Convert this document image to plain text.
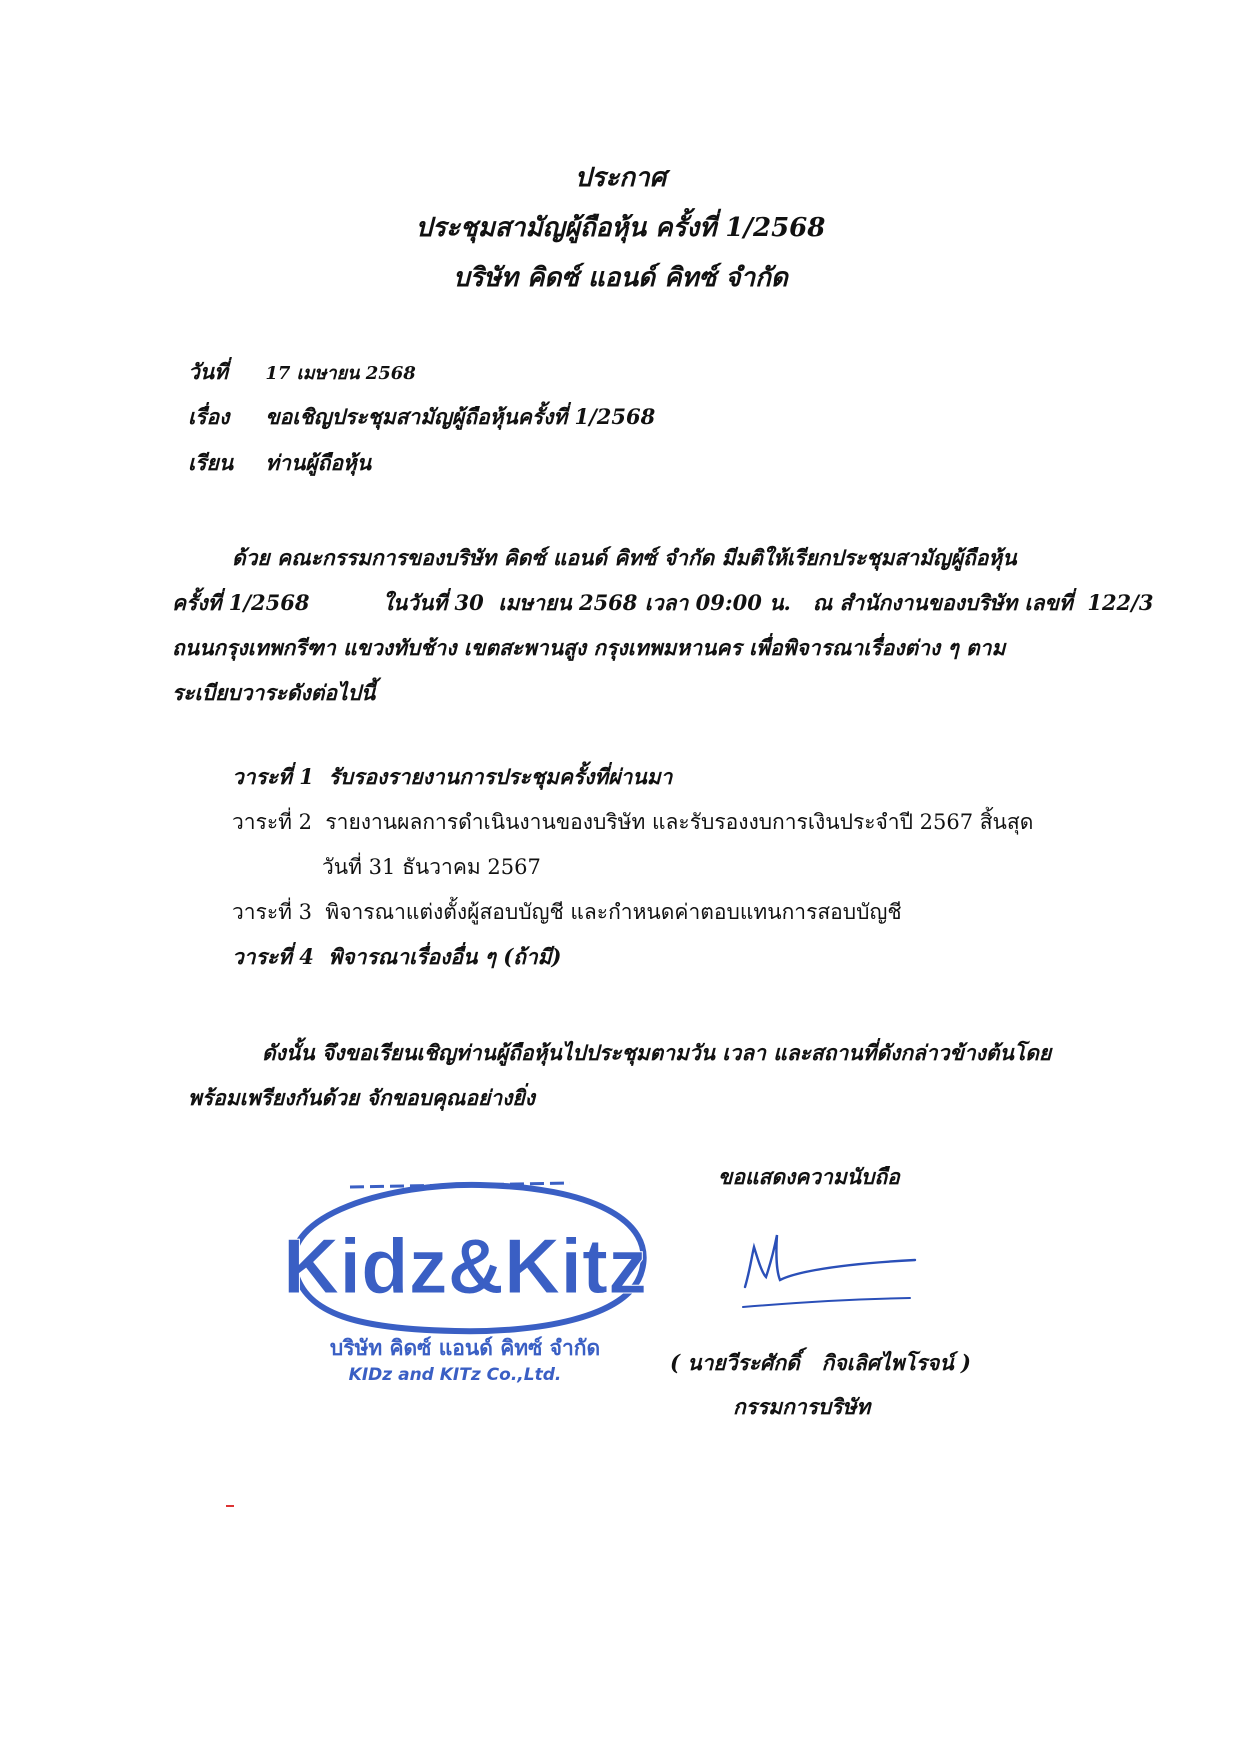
ประกาศ
ประชุมสามัญผู้ถือหุ้น ครั้งที่ 1/2568
บริษัท คิดซ์ แอนด์ คิทซ์ จำกัด
วันที่ 17 เมษายน 2568
เรื่อง ขอเชิญประชุมสามัญผู้ถือหุ้นครั้งที่ 1/2568
เรียน ท่านผู้ถือหุ้น
ด้วย คณะกรรมการของบริษัท คิดซ์ แอนด์ คิทซ์ จำกัด มีมติให้เรียกประชุมสามัญผู้ถือหุ้น
ครั้งที่ 1/2568          ในวันที่ 30  เมษายน 2568 เวลา 09:00 น.   ณ สำนักงานของบริษัท เลขที่  122/3
ถนนกรุงเทพกรีฑา แขวงทับช้าง เขตสะพานสูง กรุงเทพมหานคร เพื่อพิจารณาเรื่องต่าง ๆ ตาม
ระเบียบวาระดังต่อไปนี้
วาระที่ 1  รับรองรายงานการประชุมครั้งที่ผ่านมา
วาระที่ 2  รายงานผลการดำเนินงานของบริษัท และรับรองงบการเงินประจำปี 2567 สิ้นสุด
วันที่ 31 ธันวาคม 2567
วาระที่ 3  พิจารณาแต่งตั้งผู้สอบบัญชี และกำหนดค่าตอบแทนการสอบบัญชี
วาระที่ 4  พิจารณาเรื่องอื่น ๆ (ถ้ามี)
ดังนั้น จึงขอเรียนเชิญท่านผู้ถือหุ้นไปประชุมตามวัน เวลา และสถานที่ดังกล่าวข้างต้นโดย
พร้อมเพรียงกันด้วย จักขอบคุณอย่างยิ่ง
Kidz&Kitz
บริษัท คิดซ์ แอนด์ คิทซ์ จำกัด
KIDz and KITz Co.,Ltd.
ขอแสดงความนับถือ
( นายวีระศักดิ์   กิจเลิศไพโรจน์ )
กรรมการบริษัท
